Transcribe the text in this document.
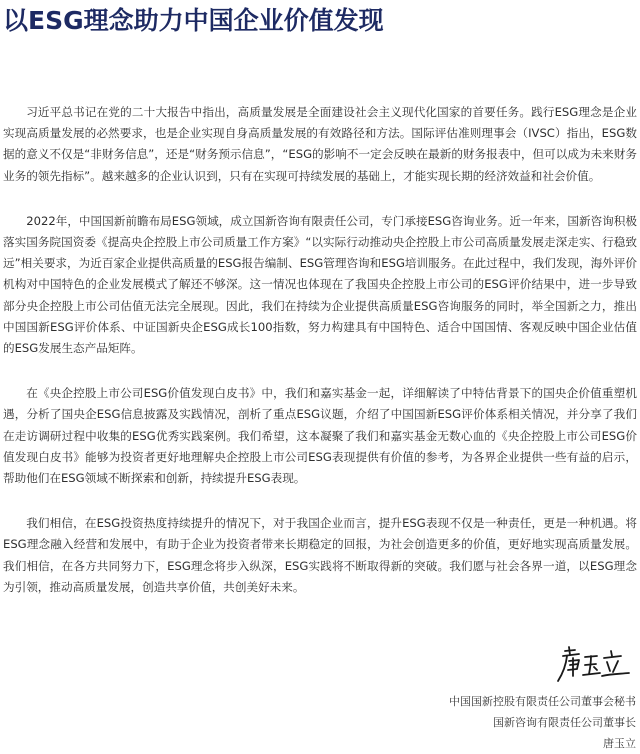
以ESG理念助力中国企业价值发现

习近平总书记在党的二十大报告中指出，高质量发展是全面建设社会主义现代化国家的首要任务。践行ESG理念是企业实现高质量发展的必然要求，也是企业实现自身高质量发展的有效路径和方法。国际评估准则理事会（IVSC）指出，ESG数据的意义不仅是“非财务信息”，还是“财务预示信息”，“ESG的影响不一定会反映在最新的财务报表中，但可以成为未来财务业务的领先指标”。越来越多的企业认识到，只有在实现可持续发展的基础上，才能实现长期的经济效益和社会价值。

2022年，中国国新前瞻布局ESG领域，成立国新咨询有限责任公司，专门承接ESG咨询业务。近一年来，国新咨询积极落实国务院国资委《提高央企控股上市公司质量工作方案》“以实际行动推动央企控股上市公司高质量发展走深走实、行稳致远”相关要求，为近百家企业提供高质量的ESG报告编制、ESG管理咨询和ESG培训服务。在此过程中，我们发现，海外评价机构对中国特色的企业发展模式了解还不够深。这一情况也体现在了我国央企控股上市公司的ESG评价结果中，进一步导致部分央企控股上市公司估值无法完全展现。因此，我们在持续为企业提供高质量ESG咨询服务的同时，举全国新之力，推出中国国新ESG评价体系、中证国新央企ESG成长100指数，努力构建具有中国特色、适合中国国情、客观反映中国企业估值的ESG发展生态产品矩阵。

在《央企控股上市公司ESG价值发现白皮书》中，我们和嘉实基金一起，详细解读了中特估背景下的国央企价值重塑机遇，分析了国央企ESG信息披露及实践情况，剖析了重点ESG议题，介绍了中国国新ESG评价体系相关情况，并分享了我们在走访调研过程中收集的ESG优秀实践案例。我们希望，这本凝聚了我们和嘉实基金无数心血的《央企控股上市公司ESG价值发现白皮书》能够为投资者更好地理解央企控股上市公司ESG表现提供有价值的参考，为各界企业提供一些有益的启示，帮助他们在ESG领域不断探索和创新，持续提升ESG表现。

我们相信，在ESG投资热度持续提升的情况下，对于我国企业而言，提升ESG表现不仅是一种责任，更是一种机遇。将ESG理念融入经营和发展中，有助于企业为投资者带来长期稳定的回报，为社会创造更多的价值，更好地实现高质量发展。我们相信，在各方共同努力下，ESG理念将步入纵深，ESG实践将不断取得新的突破。我们愿与社会各界一道，以ESG理念为引领，推动高质量发展，创造共享价值，共创美好未来。

中国国新控股有限责任公司董事会秘书
国新咨询有限责任公司董事长
唐玉立
